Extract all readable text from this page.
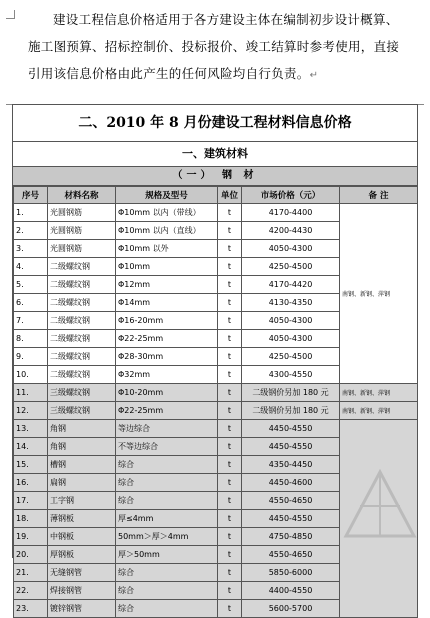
建设工程信息价格适用于各方建设主体在编制初步设计概算、施工图预算、招标控制价、投标报价、竣工结算时参考使用，直接引用该信息价格由此产生的任何风险均自行负责。↵

二、2010 年 8 月份建设工程材料信息价格
一、建筑材料
（一） 钢 材
序号	材料名称	规格及型号	单位	市场价格（元）	备 注
1.	光圆钢筋	Φ10mm 以内（带线）	t	4170-4400	南钢、新钢、萍钢
2.	光圆钢筋	Φ10mm 以内（直线）	t	4200-4430	
3.	光圆钢筋	Φ10mm 以外	t	4050-4300	
4.	二级螺纹钢	Φ10mm	t	4250-4500	
5.	二级螺纹钢	Φ12mm	t	4170-4420	
6.	二级螺纹钢	Φ14mm	t	4130-4350	
7.	二级螺纹钢	Φ16-20mm	t	4050-4300	
8.	二级螺纹钢	Φ22-25mm	t	4050-4300	
9.	二级螺纹钢	Φ28-30mm	t	4250-4500	
10.	二级螺纹钢	Φ32mm	t	4300-4550	
11.	三级螺纹钢	Φ10-20mm	t	二级钢价另加 180 元	南钢、新钢、萍钢
12.	三级螺纹钢	Φ22-25mm	t	二级钢价另加 180 元	南钢、新钢、萍钢
13.	角钢	等边综合	t	4450-4550	
14.	角钢	不等边综合	t	4450-4550	
15.	槽钢	综合	t	4350-4450	
16.	扁钢	综合	t	4450-4600	
17.	工字钢	综合	t	4550-4650	
18.	薄钢板	厚≤4mm	t	4450-4550	
19.	中钢板	50mm＞厚＞4mm	t	4750-4850	
20.	厚钢板	厚＞50mm	t	4550-4650	
21.	无缝钢管	综合	t	5850-6000	
22.	焊接钢管	综合	t	4400-4550	
23.	镀锌钢管	综合	t	5600-5700	
